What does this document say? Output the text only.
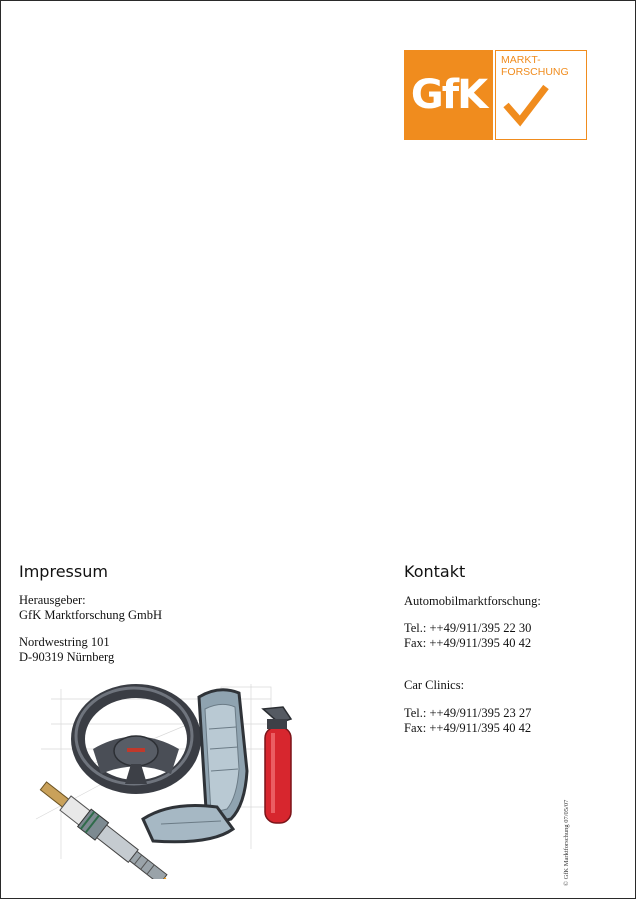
GfK
MARKT-
FORSCHUNG
Impressum
Herausgeber:
GfK Marktforschung GmbH
Nordwestring 101
D-90319 Nürnberg
Kontakt
Automobilmarktforschung:
Tel.: ++49/911/395 22 30
Fax: ++49/911/395 40 42
Car Clinics:
Tel.: ++49/911/395 23 27
Fax: ++49/911/395 40 42
© GfK Marktforschung 07/05/07
